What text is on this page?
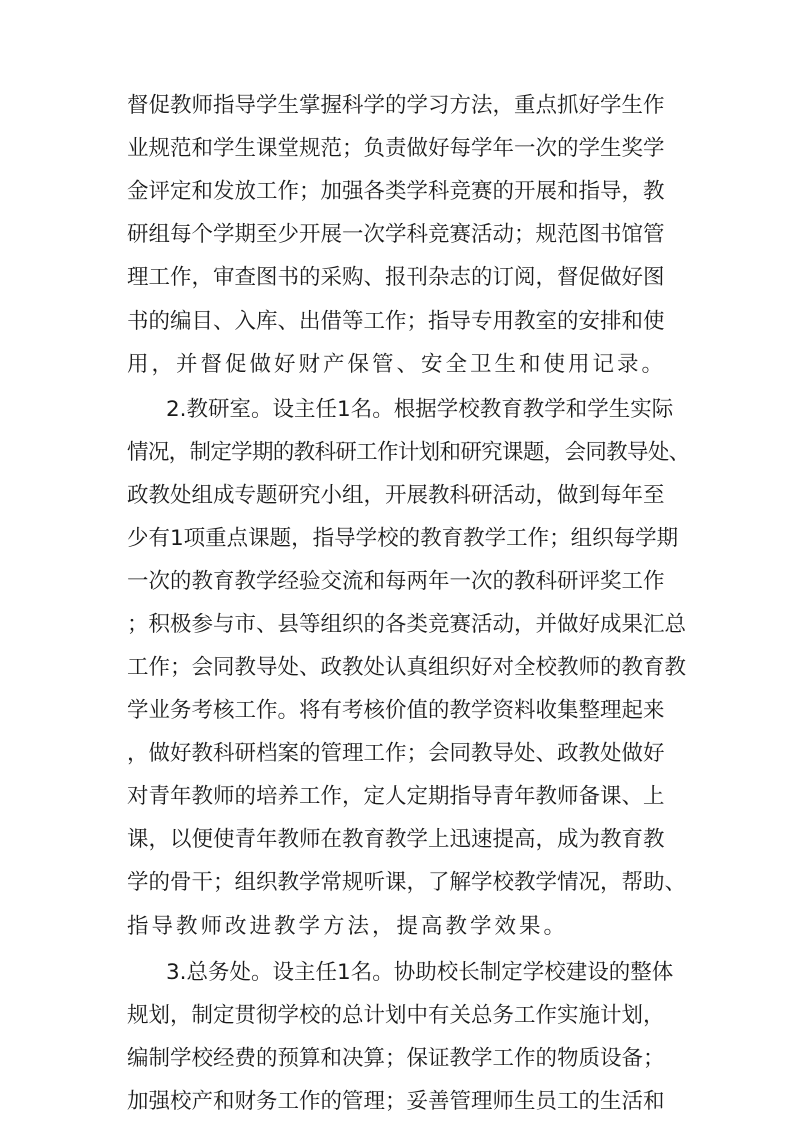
督促教师指导学生掌握科学的学习方法，重点抓好学生作
业规范和学生课堂规范；负责做好每学年一次的学生奖学
金评定和发放工作；加强各类学科竞赛的开展和指导，教
研组每个学期至少开展一次学科竞赛活动；规范图书馆管
理工作，审查图书的采购、报刊杂志的订阅，督促做好图
书的编目、入库、出借等工作；指导专用教室的安排和使
用，并督促做好财产保管、安全卫生和使用记录。
2.教研室。设主任1名。根据学校教育教学和学生实际
情况，制定学期的教科研工作计划和研究课题，会同教导处、
政教处组成专题研究小组，开展教科研活动，做到每年至
少有1项重点课题，指导学校的教育教学工作；组织每学期
一次的教育教学经验交流和每两年一次的教科研评奖工作
；积极参与市、县等组织的各类竞赛活动，并做好成果汇总
工作；会同教导处、政教处认真组织好对全校教师的教育教
学业务考核工作。将有考核价值的教学资料收集整理起来
，做好教科研档案的管理工作；会同教导处、政教处做好
对青年教师的培养工作，定人定期指导青年教师备课、上
课，以便使青年教师在教育教学上迅速提高，成为教育教
学的骨干；组织教学常规听课，了解学校教学情况，帮助、
指导教师改进教学方法，提高教学效果。
3.总务处。设主任1名。协助校长制定学校建设的整体
规划，制定贯彻学校的总计划中有关总务工作实施计划，
编制学校经费的预算和决算；保证教学工作的物质设备；
加强校产和财务工作的管理；妥善管理师生员工的生活和
